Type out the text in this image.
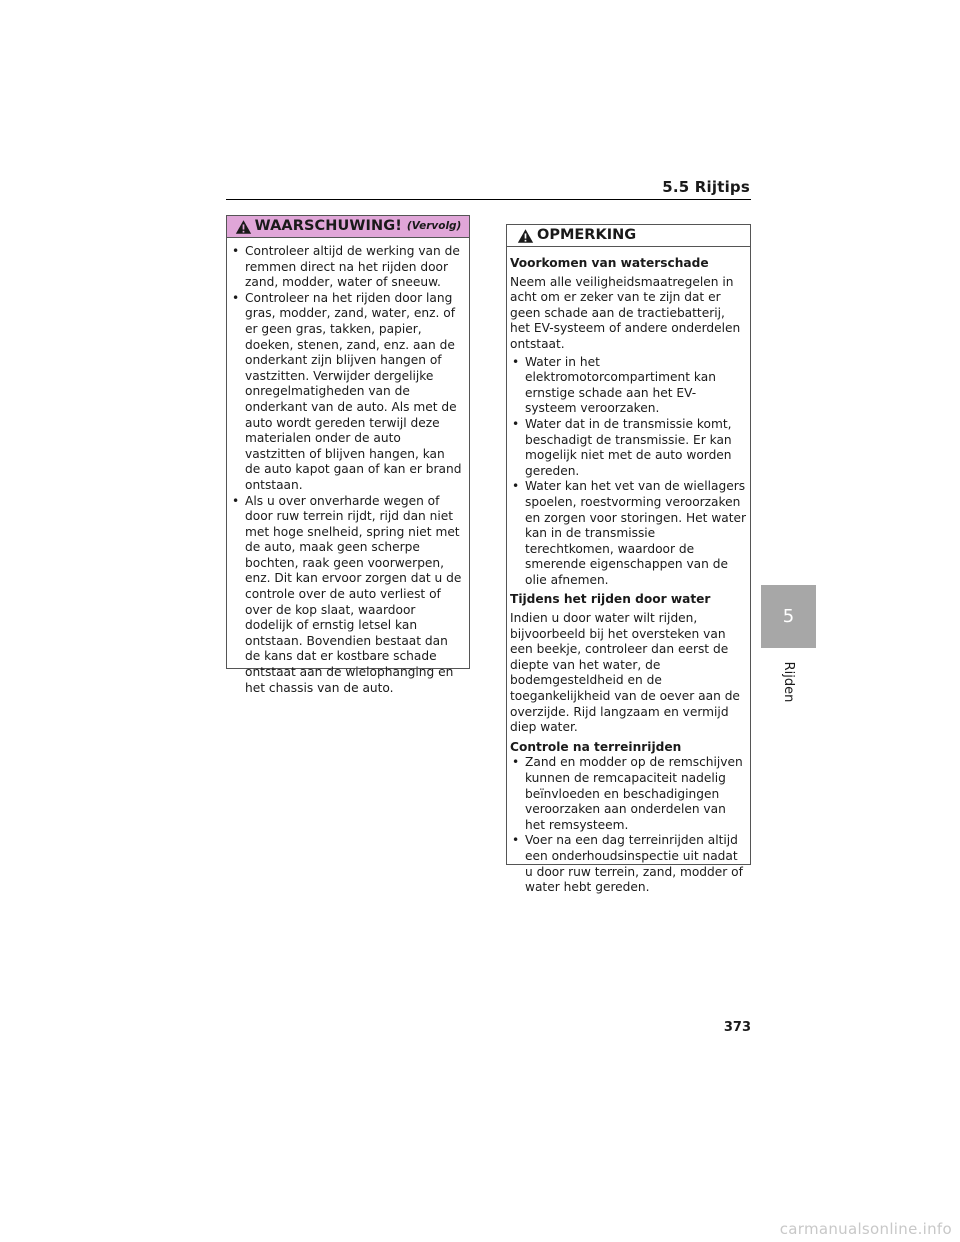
5.5 Rijtips
5
Rijden
WAARSCHUWING! (Vervolg)
• Controleer altijd de werking van de remmen direct na het rijden door zand, modder, water of sneeuw.
• Controleer na het rijden door lang gras, modder, zand, water, enz. of er geen gras, takken, papier, doeken, stenen, zand, enz. aan de onderkant zijn blijven hangen of vastzitten. Verwijder dergelijke onregelmatigheden van de onderkant van de auto. Als met de auto wordt gereden terwijl deze materialen onder de auto vastzitten of blijven hangen, kan de auto kapot gaan of kan er brand ontstaan.
• Als u over onverharde wegen of door ruw terrein rijdt, rijd dan niet met hoge snelheid, spring niet met de auto, maak geen scherpe bochten, raak geen voorwerpen, enz. Dit kan ervoor zorgen dat u de controle over de auto verliest of over de kop slaat, waardoor dodelijk of ernstig letsel kan ontstaan. Bovendien bestaat dan de kans dat er kostbare schade ontstaat aan de wielophanging en het chassis van de auto.
OPMERKING
Voorkomen van waterschade
Neem alle veiligheidsmaatregelen in acht om er zeker van te zijn dat er geen schade aan de tractiebatterij, het EV-systeem of andere onderdelen ontstaat.
• Water in het elektromotorcompartiment kan ernstige schade aan het EV-systeem veroorzaken.
• Water dat in de transmissie komt, beschadigt de transmissie. Er kan mogelijk niet met de auto worden gereden.
• Water kan het vet van de wiellagers spoelen, roestvorming veroorzaken en zorgen voor storingen. Het water kan in de transmissie terechtkomen, waardoor de smerende eigenschappen van de olie afnemen.
Tijdens het rijden door water
Indien u door water wilt rijden, bijvoorbeeld bij het oversteken van een beekje, controleer dan eerst de diepte van het water, de bodemgesteldheid en de toegankelijkheid van de oever aan de overzijde. Rijd langzaam en vermijd diep water.
Controle na terreinrijden
• Zand en modder op de remschijven kunnen de remcapaciteit nadelig beïnvloeden en beschadigingen veroorzaken aan onderdelen van het remsysteem.
• Voer na een dag terreinrijden altijd een onderhoudsinspectie uit nadat u door ruw terrein, zand, modder of water hebt gereden.
373
carmanualsonline.info
